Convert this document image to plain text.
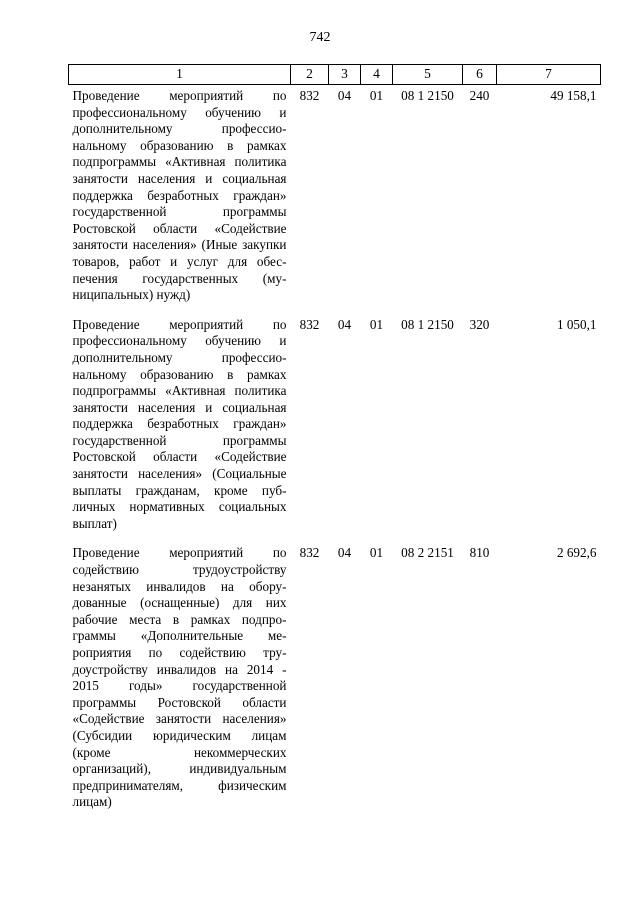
742
1	2	3	4	5	6	7
Проведение мероприятий по профессиональному обучению и дополнительному профессиональному образованию в рамках подпрограммы «Активная политика занятости населения и социальная поддержка безработных граждан» государственной программы Ростовской области «Содействие занятости населения» (Иные закупки товаров, работ и услуг для обеспечения государственных (муниципальных) нужд)	832	04	01	08 1 2150	240	49 158,1
Проведение мероприятий по профессиональному обучению и дополнительному профессиональному образованию в рамках подпрограммы «Активная политика занятости населения и социальная поддержка безработных граждан» государственной программы Ростовской области «Содействие занятости населения» (Социальные выплаты гражданам, кроме публичных нормативных социальных выплат)	832	04	01	08 1 2150	320	1 050,1
Проведение мероприятий по содействию трудоустройству незанятых инвалидов на оборудованные (оснащенные) для них рабочие места в рамках подпрограммы «Дополнительные мероприятия по содействию трудоустройству инвалидов на 2014 - 2015 годы» государственной программы Ростовской области «Содействие занятости населения» (Субсидии юридическим лицам (кроме некоммерческих организаций), индивидуальным предпринимателям, физическим лицам)	832	04	01	08 2 2151	810	2 692,6
